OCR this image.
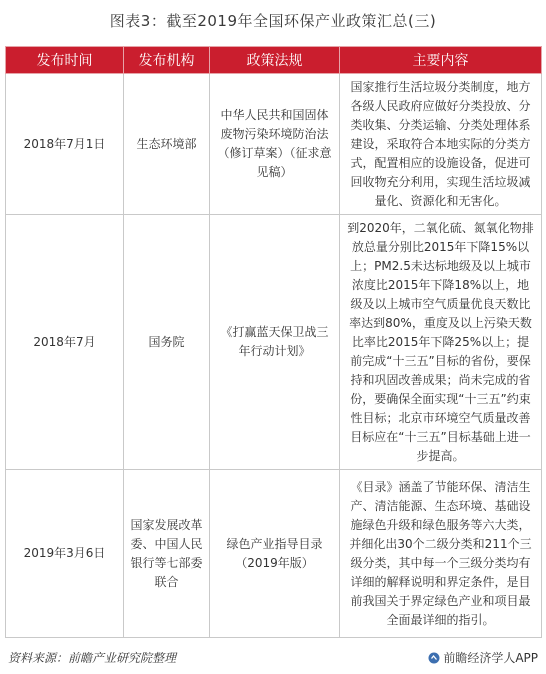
图表3：截至2019年全国环保产业政策汇总(三)
发布时间	发布机构	政策法规	主要内容
2018年7月1日	生态环境部	中华人民共和国固体废物污染环境防治法（修订草案）（征求意见稿）	国家推行生活垃圾分类制度，地方各级人民政府应做好分类投放、分类收集、分类运输、分类处理体系建设，采取符合本地实际的分类方式，配置相应的设施设备，促进可回收物充分利用，实现生活垃圾减量化、资源化和无害化。
2018年7月	国务院	《打赢蓝天保卫战三年行动计划》	到2020年，二氧化硫、氮氧化物排放总量分别比2015年下降15%以上；PM2.5未达标地级及以上城市浓度比2015年下降18%以上，地级及以上城市空气质量优良天数比率达到80%，重度及以上污染天数比率比2015年下降25%以上；提前完成“十三五”目标的省份，要保持和巩固改善成果；尚未完成的省份，要确保全面实现“十三五”约束性目标；北京市环境空气质量改善目标应在“十三五”目标基础上进一步提高。
2019年3月6日	国家发展改革委、中国人民银行等七部委联合	绿色产业指导目录（2019年版）	《目录》涵盖了节能环保、清洁生产、清洁能源、生态环境、基础设施绿色升级和绿色服务等六大类，并细化出30个二级分类和211个三级分类，其中每一个三级分类均有详细的解释说明和界定条件，是目前我国关于界定绿色产业和项目最全面最详细的指引。
资料来源：前瞻产业研究院整理	前瞻经济学人APP
